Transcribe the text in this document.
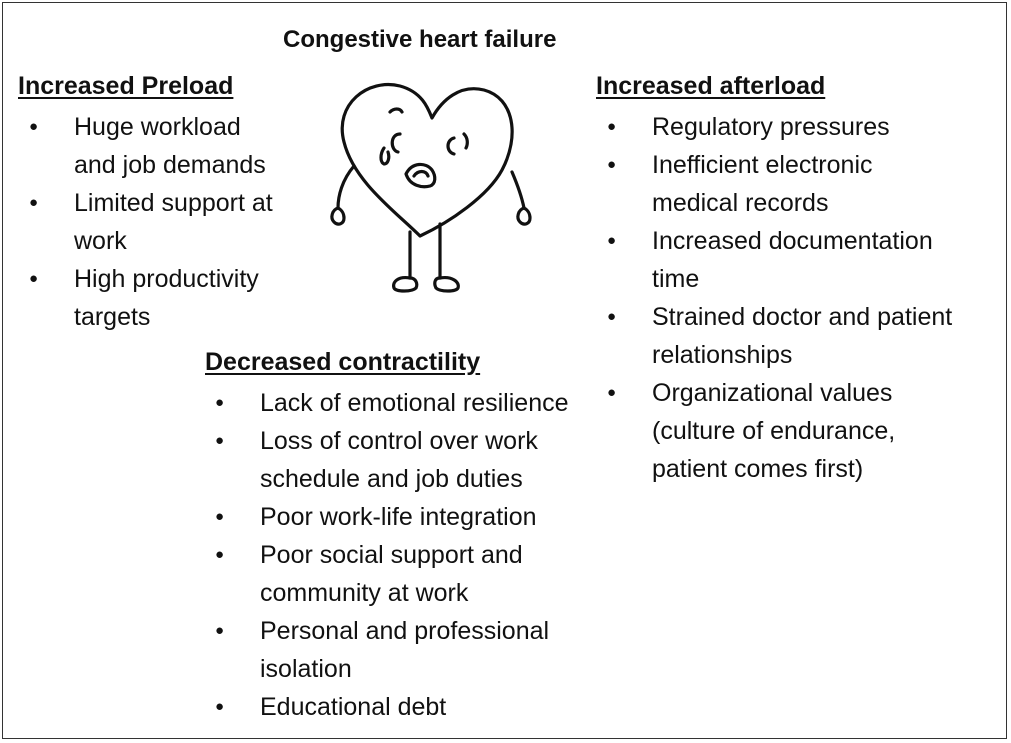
Congestive heart failure
Increased Preload
● Huge workload
and job demands
● Limited support at
work
● High productivity
targets
Increased afterload
● Regulatory pressures
● Inefficient electronic
medical records
● Increased documentation
time
● Strained doctor and patient
relationships
● Organizational values
(culture of endurance,
patient comes first)
Decreased contractility
● Lack of emotional resilience
● Loss of control over work
schedule and job duties
● Poor work-life integration
● Poor social support and
community at work
● Personal and professional
isolation
● Educational debt
